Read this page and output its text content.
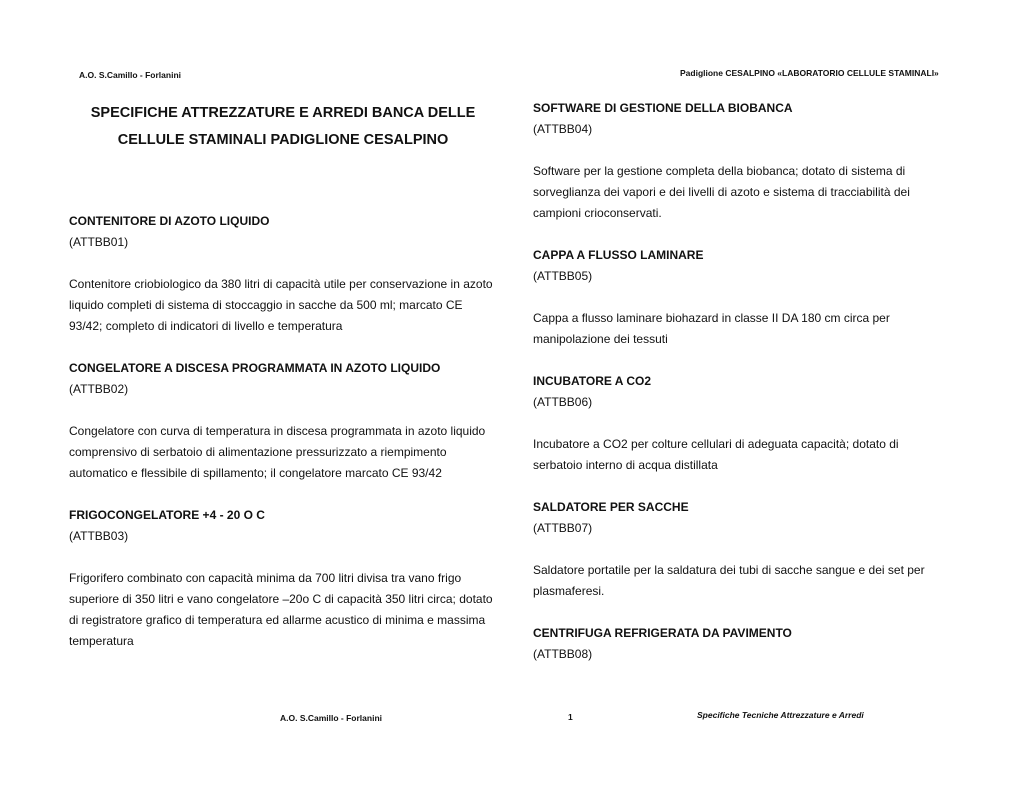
A.O. S.Camillo - Forlanini	Padiglione CESALPINO «LABORATORIO CELLULE STAMINALI»
SPECIFICHE ATTREZZATURE E ARREDI BANCA DELLE
CELLULE STAMINALI PADIGLIONE CESALPINO
CONTENITORE DI AZOTO LIQUIDO
(ATTBB01)
Contenitore criobiologico da 380 litri di capacità utile per conservazione in azoto liquido completi di sistema di stoccaggio in sacche da 500 ml; marcato CE 93/42; completo di indicatori di livello e temperatura
CONGELATORE A DISCESA PROGRAMMATA IN AZOTO LIQUIDO
(ATTBB02)
Congelatore con curva di temperatura in discesa programmata in azoto liquido comprensivo di serbatoio di alimentazione pressurizzato a riempimento automatico e flessibile di spillamento; il congelatore marcato CE 93/42
FRIGOCONGELATORE +4 - 20 O C
(ATTBB03)
Frigorifero combinato con capacità minima da 700 litri divisa tra vano frigo superiore di 350 litri e vano congelatore –20o C di capacità 350 litri circa; dotato di registratore grafico di temperatura ed allarme acustico di minima e massima temperatura
SOFTWARE DI GESTIONE DELLA BIOBANCA
(ATTBB04)
Software per la gestione completa della biobanca; dotato di sistema di sorveglianza dei vapori e dei livelli di azoto e sistema di tracciabilità dei campioni crioconservati.
CAPPA A FLUSSO LAMINARE
(ATTBB05)
Cappa a flusso laminare biohazard in classe II DA 180 cm circa per manipolazione dei tessuti
INCUBATORE A CO2
(ATTBB06)
Incubatore a CO2 per colture cellulari di adeguata capacità; dotato di serbatoio interno di acqua distillata
SALDATORE PER SACCHE
(ATTBB07)
Saldatore portatile per la saldatura dei tubi di sacche sangue e dei set per plasmaferesi.
CENTRIFUGA REFRIGERATA DA PAVIMENTO
(ATTBB08)
A.O. S.Camillo - Forlanini	1	Specifiche Tecniche Attrezzature e Arredi
